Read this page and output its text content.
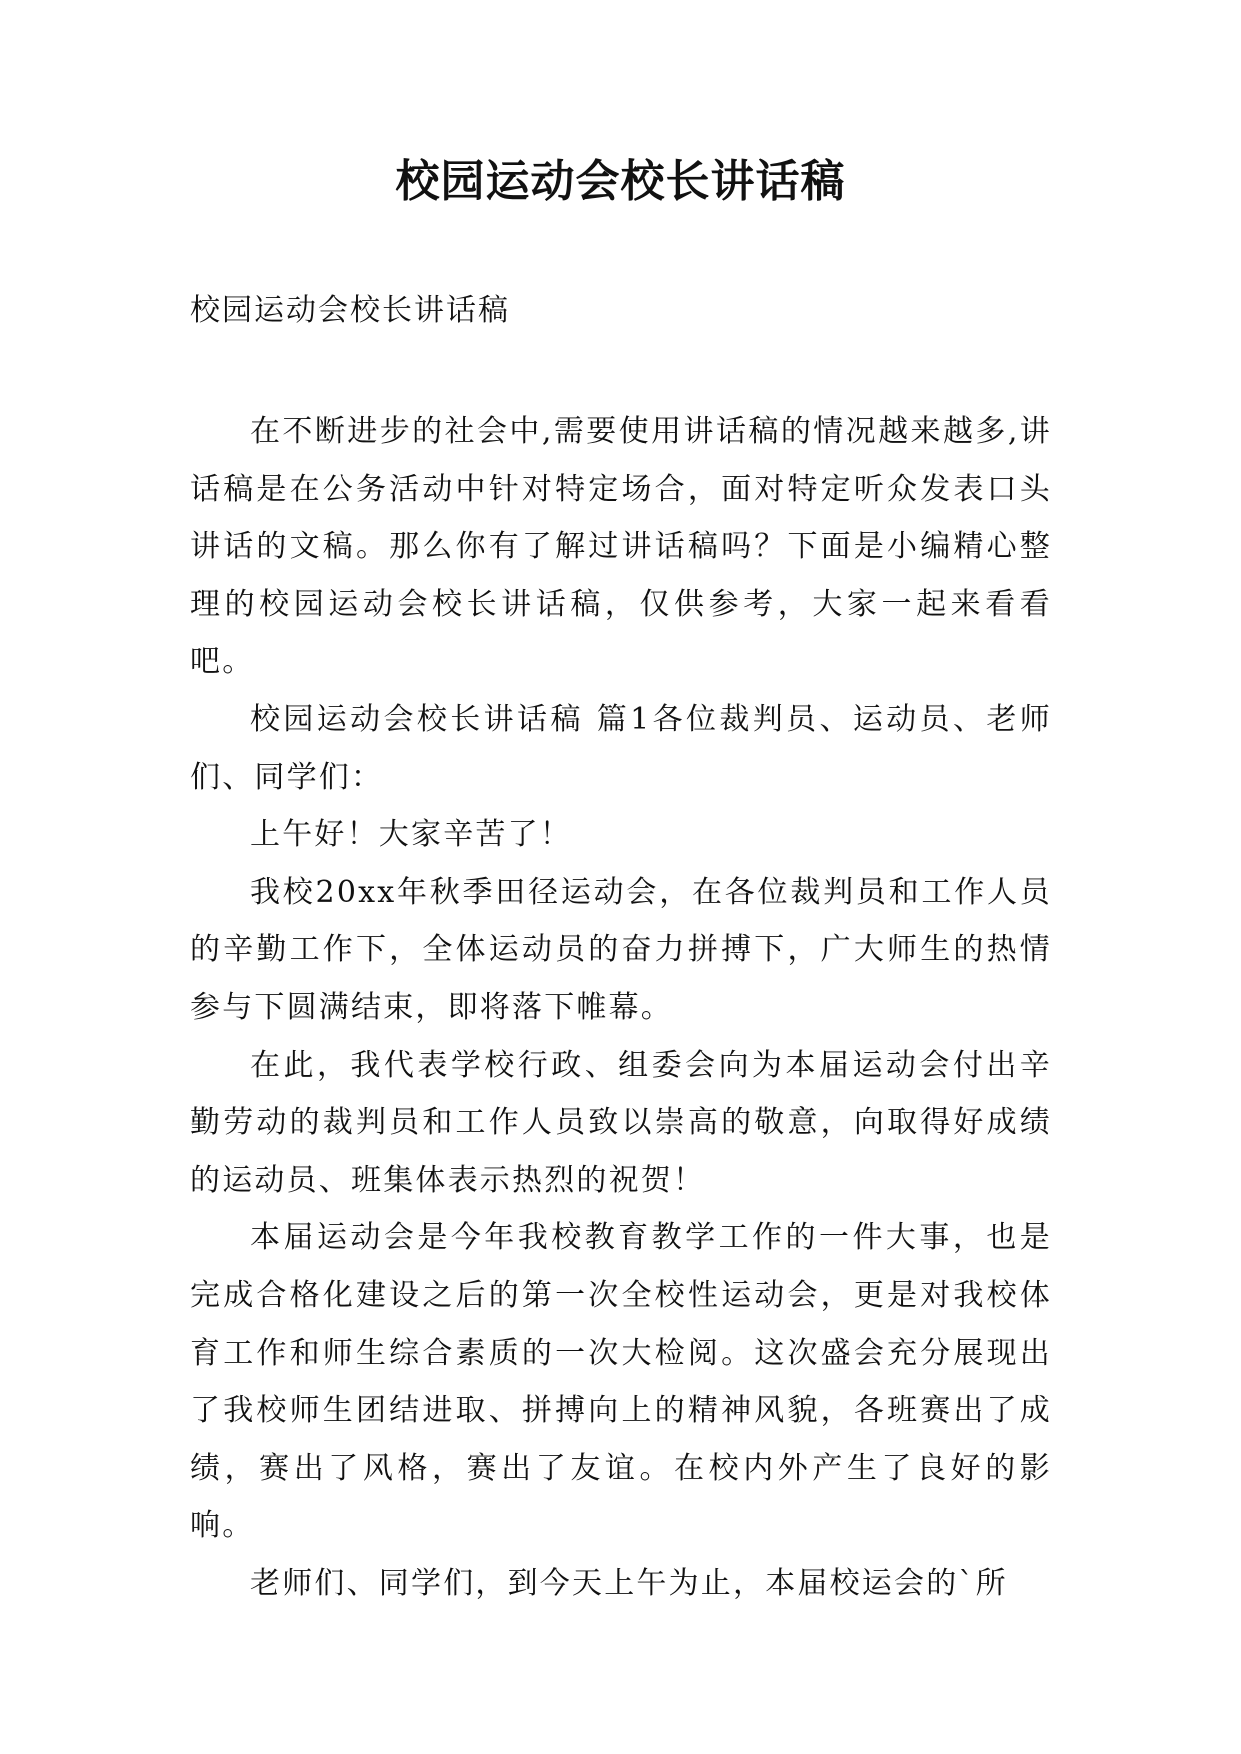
校园运动会校长讲话稿
校园运动会校长讲话稿

在不断进步的社会中,需要使用讲话稿的情况越来越多,讲话稿是在公务活动中针对特定场合，面对特定听众发表口头讲话的文稿。那么你有了解过讲话稿吗？下面是小编精心整理的校园运动会校长讲话稿，仅供参考，大家一起来看看吧。

校园运动会校长讲话稿 篇1各位裁判员、运动员、老师们、同学们：

上午好！大家辛苦了！

我校20xx年秋季田径运动会，在各位裁判员和工作人员的辛勤工作下，全体运动员的奋力拼搏下，广大师生的热情参与下圆满结束，即将落下帷幕。

在此，我代表学校行政、组委会向为本届运动会付出辛勤劳动的裁判员和工作人员致以崇高的敬意，向取得好成绩的运动员、班集体表示热烈的祝贺！

本届运动会是今年我校教育教学工作的一件大事，也是完成合格化建设之后的第一次全校性运动会，更是对我校体育工作和师生综合素质的一次大检阅。这次盛会充分展现出了我校师生团结进取、拼搏向上的精神风貌，各班赛出了成绩，赛出了风格，赛出了友谊。在校内外产生了良好的影响。

老师们、同学们，到今天上午为止，本届校运会的`所
